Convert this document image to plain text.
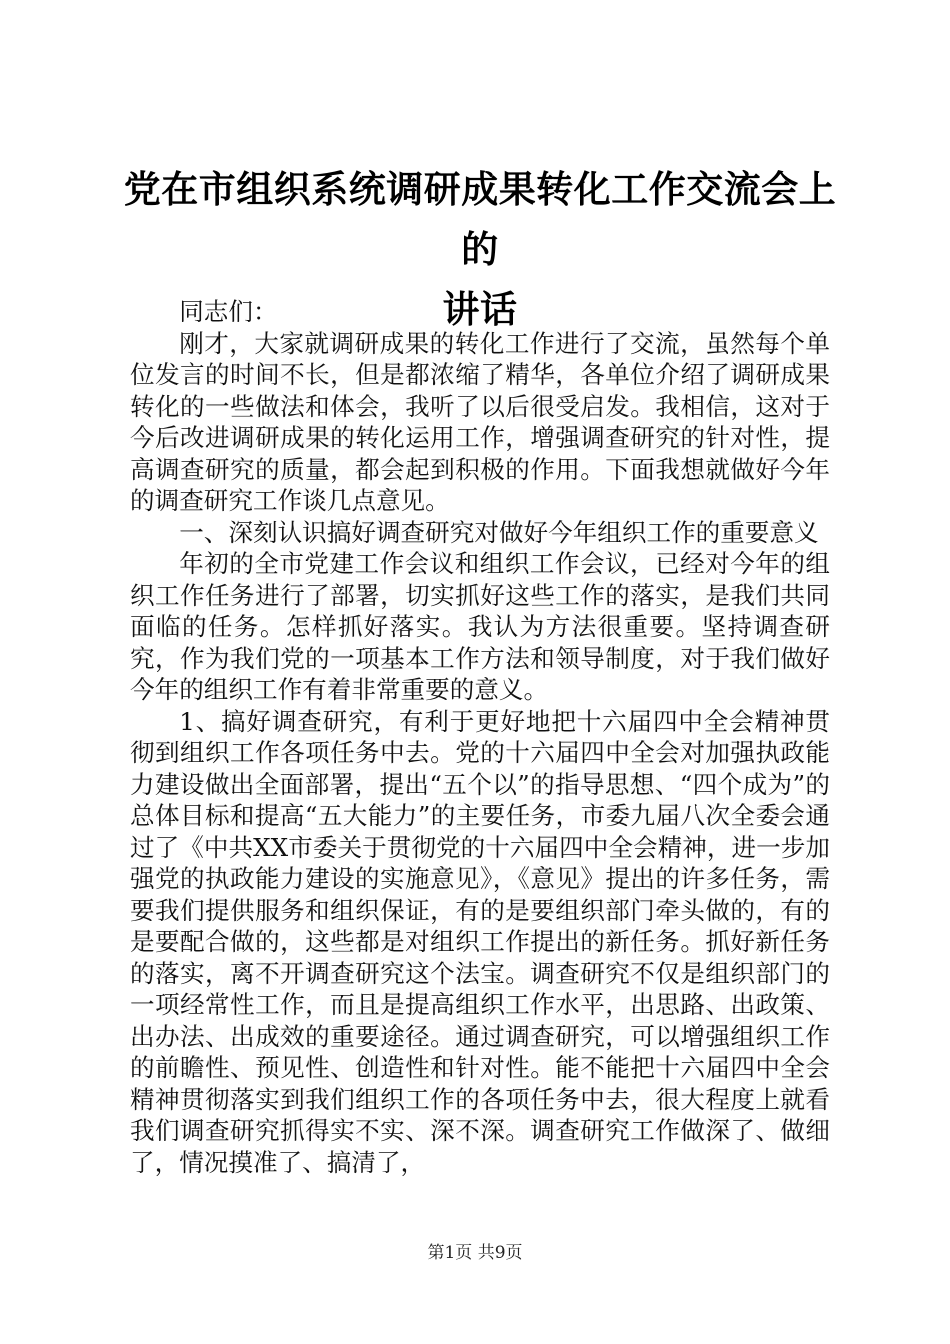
党在市组织系统调研成果转化工作交流会上的
讲话

同志们：

刚才，大家就调研成果的转化工作进行了交流，虽然每个单位发言的时间不长，但是都浓缩了精华，各单位介绍了调研成果转化的一些做法和体会，我听了以后很受启发。我相信，这对于今后改进调研成果的转化运用工作，增强调查研究的针对性，提高调查研究的质量，都会起到积极的作用。下面我想就做好今年的调查研究工作谈几点意见。

一、深刻认识搞好调查研究对做好今年组织工作的重要意义

年初的全市党建工作会议和组织工作会议，已经对今年的组织工作任务进行了部署，切实抓好这些工作的落实，是我们共同面临的任务。怎样抓好落实。我认为方法很重要。坚持调查研究，作为我们党的一项基本工作方法和领导制度，对于我们做好今年的组织工作有着非常重要的意义。

1、搞好调查研究，有利于更好地把十六届四中全会精神贯彻到组织工作各项任务中去。党的十六届四中全会对加强执政能力建设做出全面部署，提出“五个以”的指导思想、“四个成为”的总体目标和提高“五大能力”的主要任务，市委九届八次全委会通过了《中共XX市委关于贯彻党的十六届四中全会精神，进一步加强党的执政能力建设的实施意见》，《意见》提出的许多任务，需要我们提供服务和组织保证，有的是要组织部门牵头做的，有的是要配合做的，这些都是对组织工作提出的新任务。抓好新任务的落实，离不开调查研究这个法宝。调查研究不仅是组织部门的一项经常性工作，而且是提高组织工作水平，出思路、出政策、出办法、出成效的重要途径。通过调查研究，可以增强组织工作的前瞻性、预见性、创造性和针对性。能不能把十六届四中全会精神贯彻落实到我们组织工作的各项任务中去，很大程度上就看我们调查研究抓得实不实、深不深。调查研究工作做深了、做细了，情况摸准了、搞清了，

第1页 共9页
